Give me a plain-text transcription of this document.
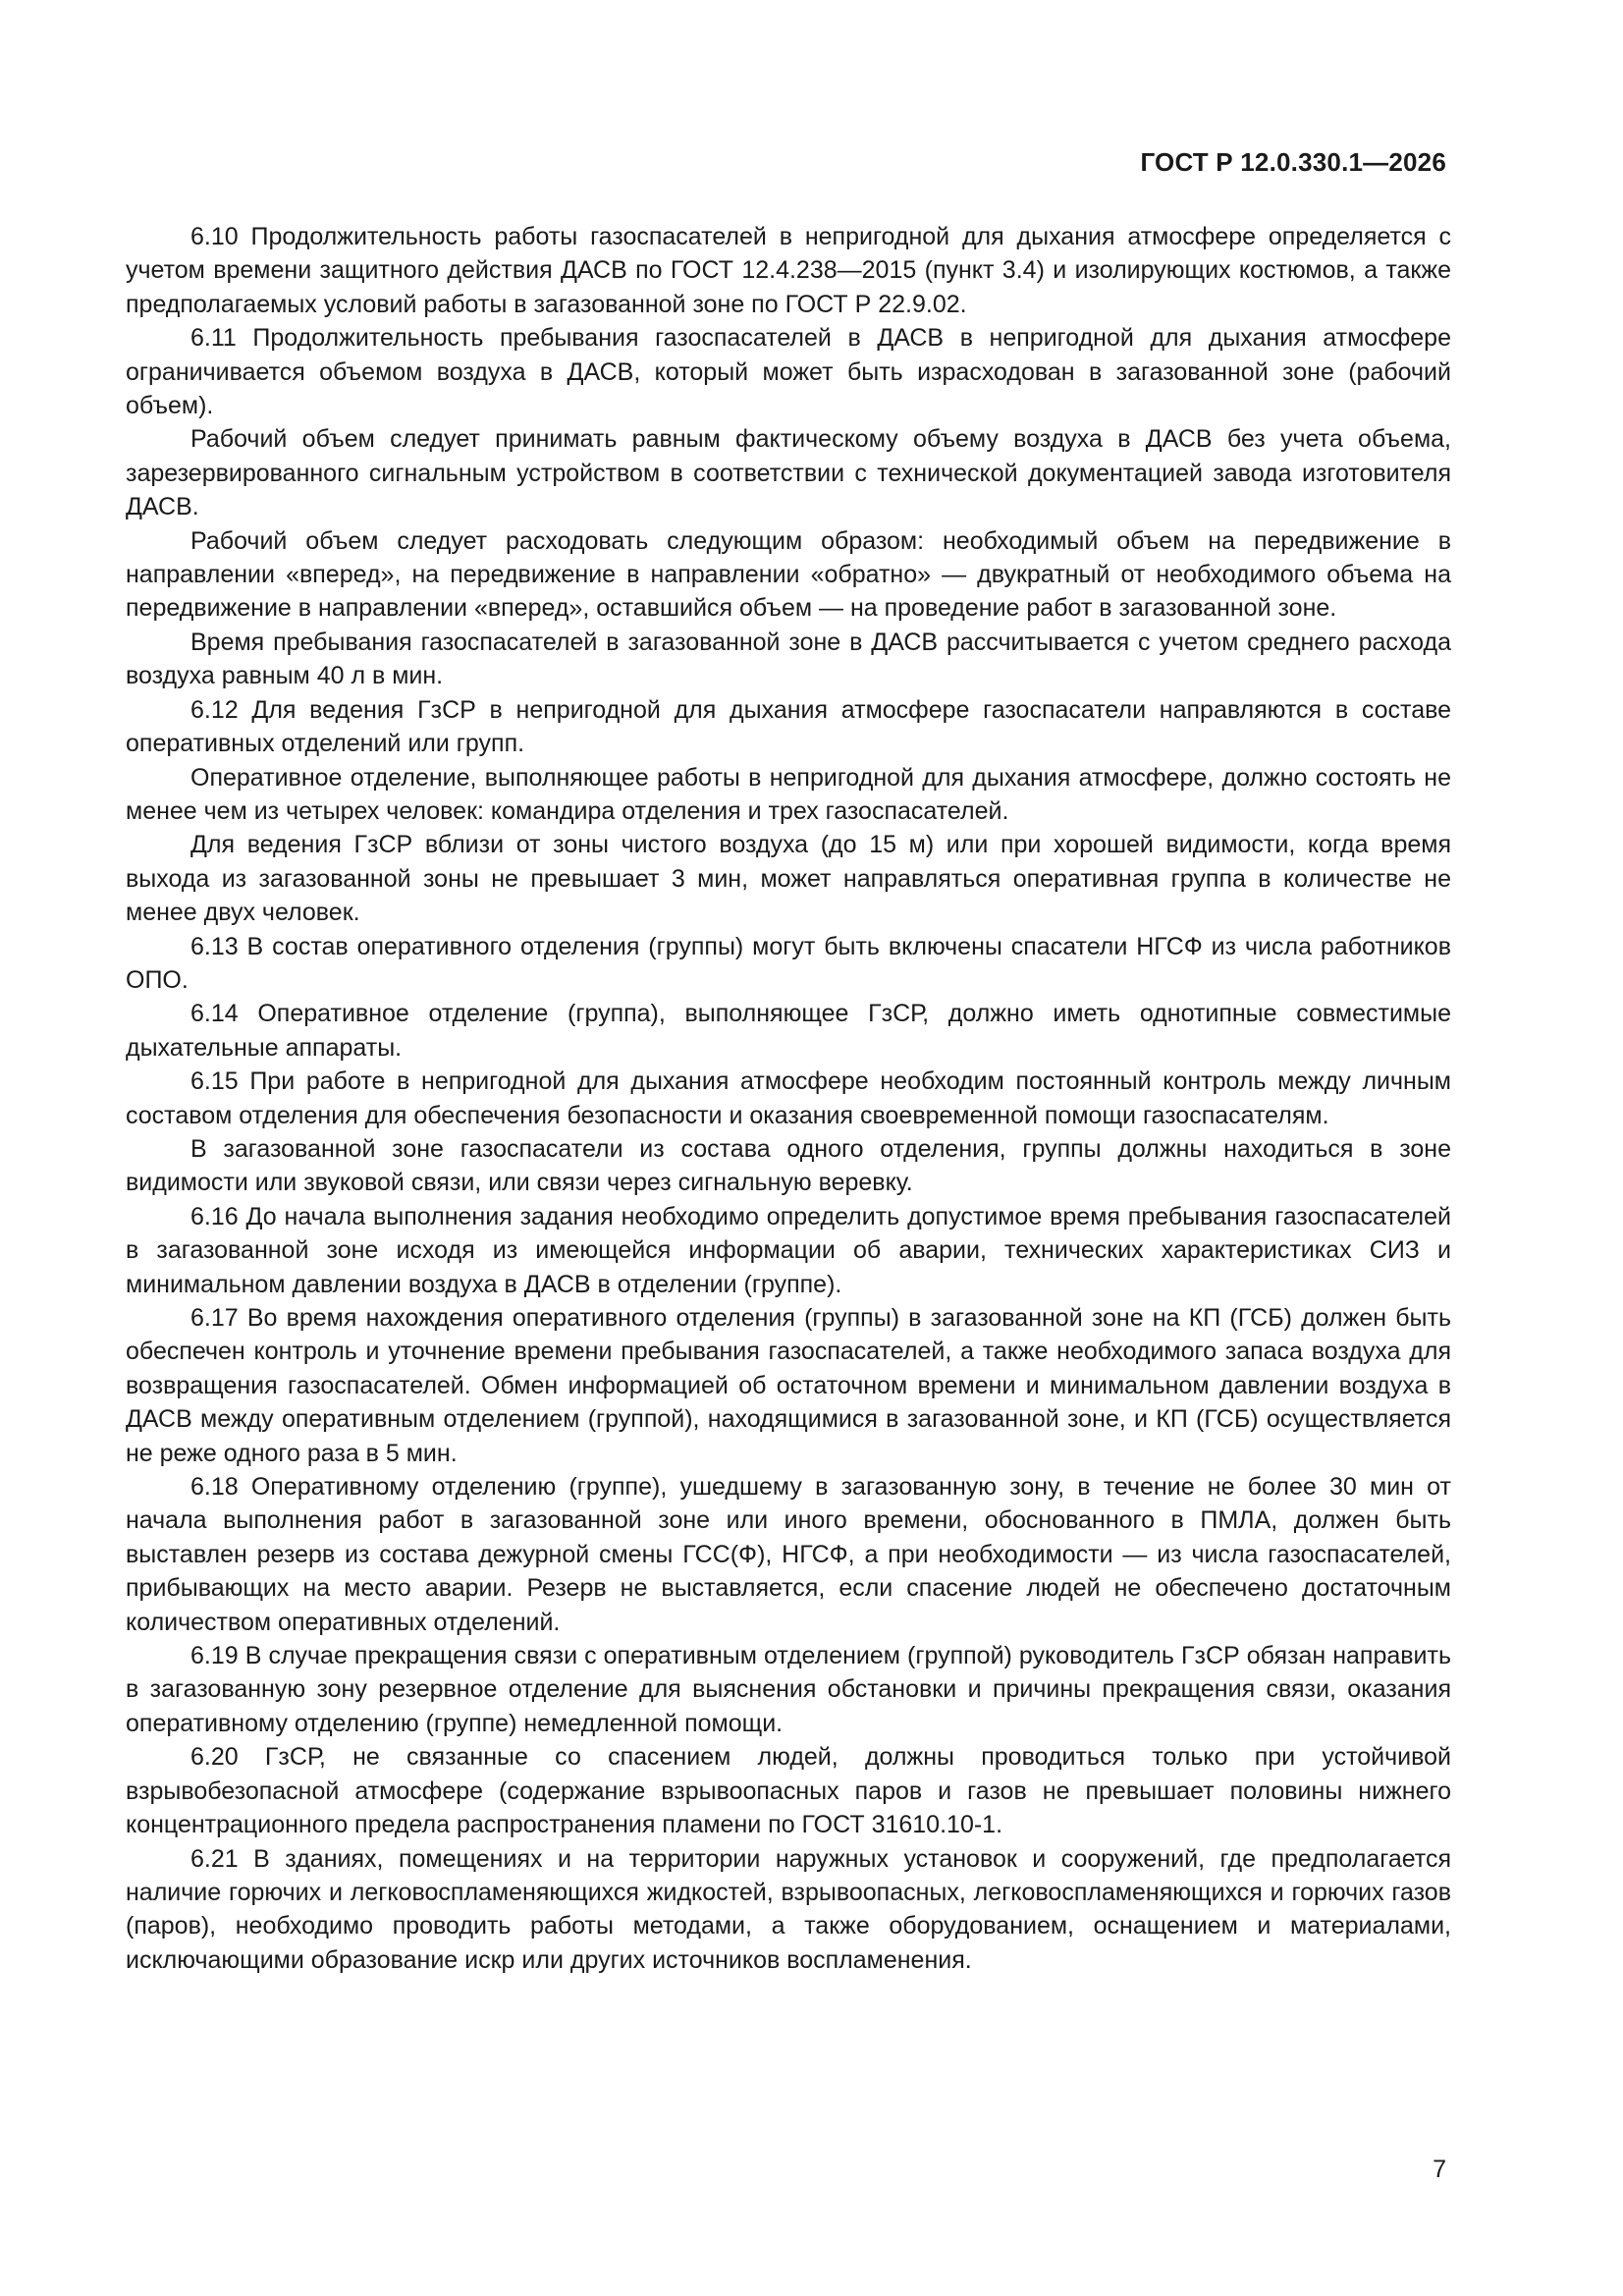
ГОСТ Р 12.0.330.1—2026

6.10 Продолжительность работы газоспасателей в непригодной для дыхания атмосфере определяется с учетом времени защитного действия ДАСВ по ГОСТ 12.4.238—2015 (пункт 3.4) и изолирующих костюмов, а также предполагаемых условий работы в загазованной зоне по ГОСТ Р 22.9.02.

6.11 Продолжительность пребывания газоспасателей в ДАСВ в непригодной для дыхания атмосфере ограничивается объемом воздуха в ДАСВ, который может быть израсходован в загазованной зоне (рабочий объем).

Рабочий объем следует принимать равным фактическому объему воздуха в ДАСВ без учета объема, зарезервированного сигнальным устройством в соответствии с технической документацией завода изготовителя ДАСВ.

Рабочий объем следует расходовать следующим образом: необходимый объем на передвижение в направлении «вперед», на передвижение в направлении «обратно» — двукратный от необходимого объема на передвижение в направлении «вперед», оставшийся объем — на проведение работ в загазованной зоне.

Время пребывания газоспасателей в загазованной зоне в ДАСВ рассчитывается с учетом среднего расхода воздуха равным 40 л в мин.

6.12 Для ведения ГзСР в непригодной для дыхания атмосфере газоспасатели направляются в составе оперативных отделений или групп.

Оперативное отделение, выполняющее работы в непригодной для дыхания атмосфере, должно состоять не менее чем из четырех человек: командира отделения и трех газоспасателей.

Для ведения ГзСР вблизи от зоны чистого воздуха (до 15 м) или при хорошей видимости, когда время выхода из загазованной зоны не превышает 3 мин, может направляться оперативная группа в количестве не менее двух человек.

6.13 В состав оперативного отделения (группы) могут быть включены спасатели НГСФ из числа работников ОПО.

6.14 Оперативное отделение (группа), выполняющее ГзСР, должно иметь однотипные совместимые дыхательные аппараты.

6.15 При работе в непригодной для дыхания атмосфере необходим постоянный контроль между личным составом отделения для обеспечения безопасности и оказания своевременной помощи газоспасателям.

В загазованной зоне газоспасатели из состава одного отделения, группы должны находиться в зоне видимости или звуковой связи, или связи через сигнальную веревку.

6.16 До начала выполнения задания необходимо определить допустимое время пребывания газоспасателей в загазованной зоне исходя из имеющейся информации об аварии, технических характеристиках СИЗ и минимальном давлении воздуха в ДАСВ в отделении (группе).

6.17 Во время нахождения оперативного отделения (группы) в загазованной зоне на КП (ГСБ) должен быть обеспечен контроль и уточнение времени пребывания газоспасателей, а также необходимого запаса воздуха для возвращения газоспасателей. Обмен информацией об остаточном времени и минимальном давлении воздуха в ДАСВ между оперативным отделением (группой), находящимися в загазованной зоне, и КП (ГСБ) осуществляется не реже одного раза в 5 мин.

6.18 Оперативному отделению (группе), ушедшему в загазованную зону, в течение не более 30 мин от начала выполнения работ в загазованной зоне или иного времени, обоснованного в ПМЛА, должен быть выставлен резерв из состава дежурной смены ГСС(Ф), НГСФ, а при необходимости — из числа газоспасателей, прибывающих на место аварии. Резерв не выставляется, если спасение людей не обеспечено достаточным количеством оперативных отделений.

6.19 В случае прекращения связи с оперативным отделением (группой) руководитель ГзСР обязан направить в загазованную зону резервное отделение для выяснения обстановки и причины прекращения связи, оказания оперативному отделению (группе) немедленной помощи.

6.20 ГзСР, не связанные со спасением людей, должны проводиться только при устойчивой взрывобезопасной атмосфере (содержание взрывоопасных паров и газов не превышает половины нижнего концентрационного предела распространения пламени по ГОСТ 31610.10-1.

6.21 В зданиях, помещениях и на территории наружных установок и сооружений, где предполагается наличие горючих и легковоспламеняющихся жидкостей, взрывоопасных, легковоспламеняющихся и горючих газов (паров), необходимо проводить работы методами, а также оборудованием, оснащением и материалами, исключающими образование искр или других источников воспламенения.

7
